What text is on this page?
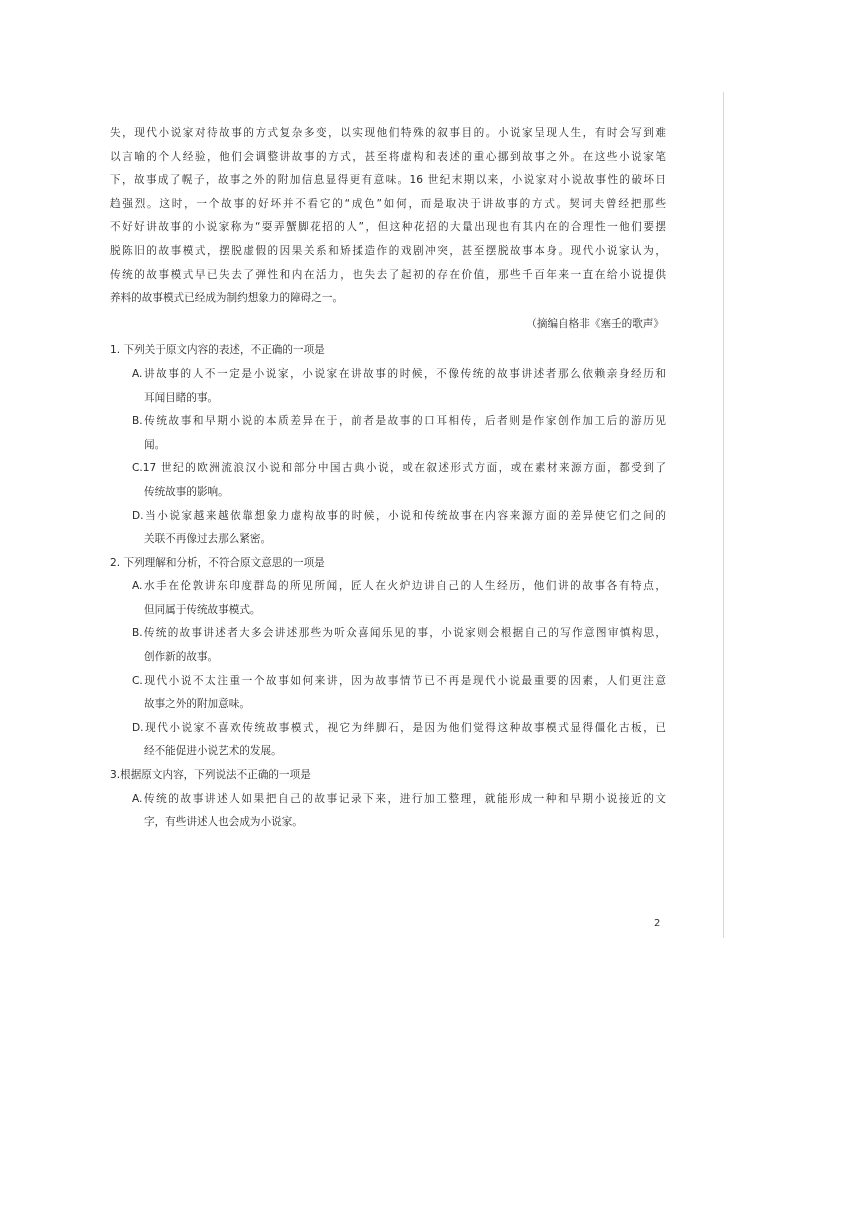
失，现代小说家对待故事的方式复杂多变，以实现他们特殊的叙事目的。小说家呈现人生，有时会写到难
以言喻的个人经验，他们会调整讲故事的方式，甚至将虚构和表述的重心挪到故事之外。在这些小说家笔
下，故事成了幌子，故事之外的附加信息显得更有意味。16 世纪末期以来，小说家对小说故事性的破坏日
趋强烈。这时，一个故事的好坏并不看它的“成色”如何，而是取决于讲故事的方式。契诃夫曾经把那些
不好好讲故事的小说家称为“耍弄蟹脚花招的人”，但这种花招的大量出现也有其内在的合理性一他们要摆
脱陈旧的故事模式，摆脱虚假的因果关系和矫揉造作的戏剧冲突，甚至摆脱故事本身。现代小说家认为，
传统的故事模式早已失去了弹性和内在活力，也失去了起初的存在价值，那些千百年来一直在给小说提供
养料的故事模式已经成为制约想象力的障碍之一。
（摘编自格非《塞壬的歌声》
1. 下列关于原文内容的表述，不正确的一项是
A.讲故事的人不一定是小说家，小说家在讲故事的时候，不像传统的故事讲述者那么依赖亲身经历和
耳闻目睹的事。
B.传统故事和早期小说的本质差异在于，前者是故事的口耳相传，后者则是作家创作加工后的游历见
闻。
C.17 世纪的欧洲流浪汉小说和部分中国古典小说，或在叙述形式方面，或在素材来源方面，都受到了
传统故事的影响。
D.当小说家越来越依靠想象力虚构故事的时候，小说和传统故事在内容来源方面的差异使它们之间的
关联不再像过去那么紧密。
2. 下列理解和分析，不符合原文意思的一项是
A.水手在伦敦讲东印度群岛的所见所闻，匠人在火炉边讲自己的人生经历，他们讲的故事各有特点，
但同属于传统故事模式。
B.传统的故事讲述者大多会讲述那些为听众喜闻乐见的事，小说家则会根据自己的写作意图审慎构思，
创作新的故事。
C.现代小说不太注重一个故事如何来讲，因为故事情节已不再是现代小说最重要的因素，人们更注意
故事之外的附加意味。
D.现代小说家不喜欢传统故事模式，视它为绊脚石，是因为他们觉得这种故事模式显得僵化古板，已
经不能促进小说艺术的发展。
3.根据原文内容，下列说法不正确的一项是
A.传统的故事讲述人如果把自己的故事记录下来，进行加工整理，就能形成一种和早期小说接近的文
字，有些讲述人也会成为小说家。
2
